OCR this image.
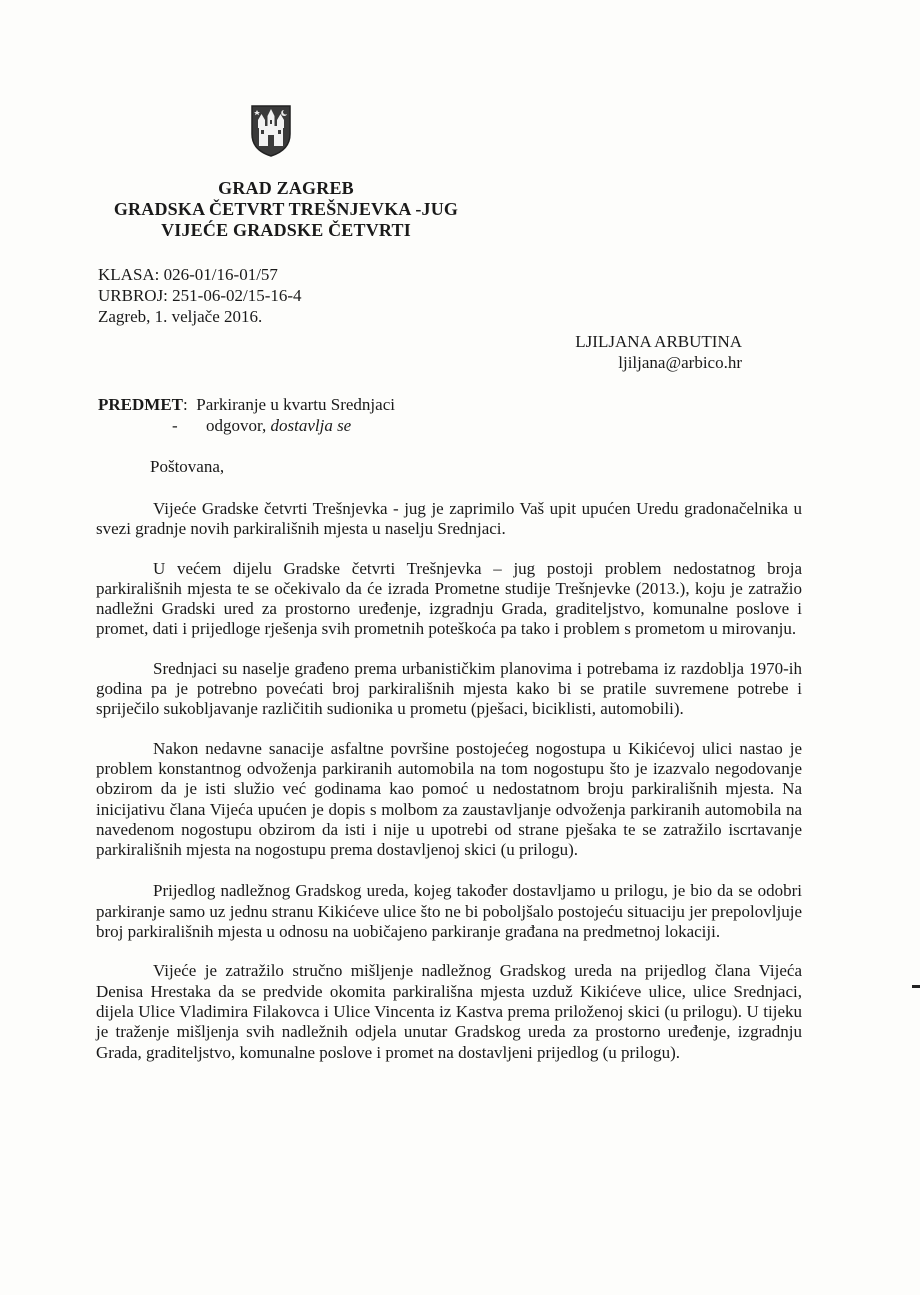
GRAD ZAGREB
GRADSKA ČETVRT TREŠNJEVKA -JUG
VIJEĆE GRADSKE ČETVRTI
KLASA: 026-01/16-01/57
URBROJ: 251-06-02/15-16-4
Zagreb, 1. veljače 2016.
LJILJANA ARBUTINA
ljiljana@arbico.hr
PREDMET:  Parkiranje u kvartu Srednjaci
- odgovor, dostavlja se
Poštovana,

Vijeće Gradske četvrti Trešnjevka - jug je zaprimilo Vaš upit upućen Uredu gradonačelnika u svezi gradnje novih parkirališnih mjesta u naselju Srednjaci.

U većem dijelu Gradske četvrti Trešnjevka – jug postoji problem nedostatnog broja parkirališnih mjesta te se očekivalo da će izrada Prometne studije Trešnjevke (2013.), koju je zatražio nadležni Gradski ured za prostorno uređenje, izgradnju Grada, graditeljstvo, komunalne poslove i promet, dati i prijedloge rješenja svih prometnih poteškoća pa tako i problem s prometom u mirovanju.

Srednjaci su naselje građeno prema urbanističkim planovima i potrebama iz razdoblja 1970-ih godina pa je potrebno povećati broj parkirališnih mjesta kako bi se pratile suvremene potrebe i spriječilo sukobljavanje različitih sudionika u prometu (pješaci, biciklisti, automobili).

Nakon nedavne sanacije asfaltne površine postojećeg nogostupa u Kikićevoj ulici nastao je problem konstantnog odvoženja parkiranih automobila na tom nogostupu što je izazvalo negodovanje obzirom da je isti služio već godinama kao pomoć u nedostatnom broju parkirališnih mjesta. Na inicijativu člana Vijeća upućen je dopis s molbom za zaustavljanje odvoženja parkiranih automobila na navedenom nogostupu obzirom da isti i nije u upotrebi od strane pješaka te se zatražilo iscrtavanje parkirališnih mjesta na nogostupu prema dostavljenoj skici (u prilogu).

Prijedlog nadležnog Gradskog ureda, kojeg također dostavljamo u prilogu, je bio da se odobri parkiranje samo uz jednu stranu Kikićeve ulice što ne bi poboljšalo postojeću situaciju jer prepolovljuje broj parkirališnih mjesta u odnosu na uobičajeno parkiranje građana na predmetnoj lokaciji.

Vijeće je zatražilo stručno mišljenje nadležnog Gradskog ureda na prijedlog člana Vijeća Denisa Hrestaka da se predvide okomita parkirališna mjesta uzduž Kikićeve ulice, ulice Srednjaci, dijela Ulice Vladimira Filakovca i Ulice Vincenta iz Kastva prema priloženoj skici (u prilogu). U tijeku je traženje mišljenja svih nadležnih odjela unutar Gradskog ureda za prostorno uređenje, izgradnju Grada, graditeljstvo, komunalne poslove i promet na dostavljeni prijedlog (u prilogu).
